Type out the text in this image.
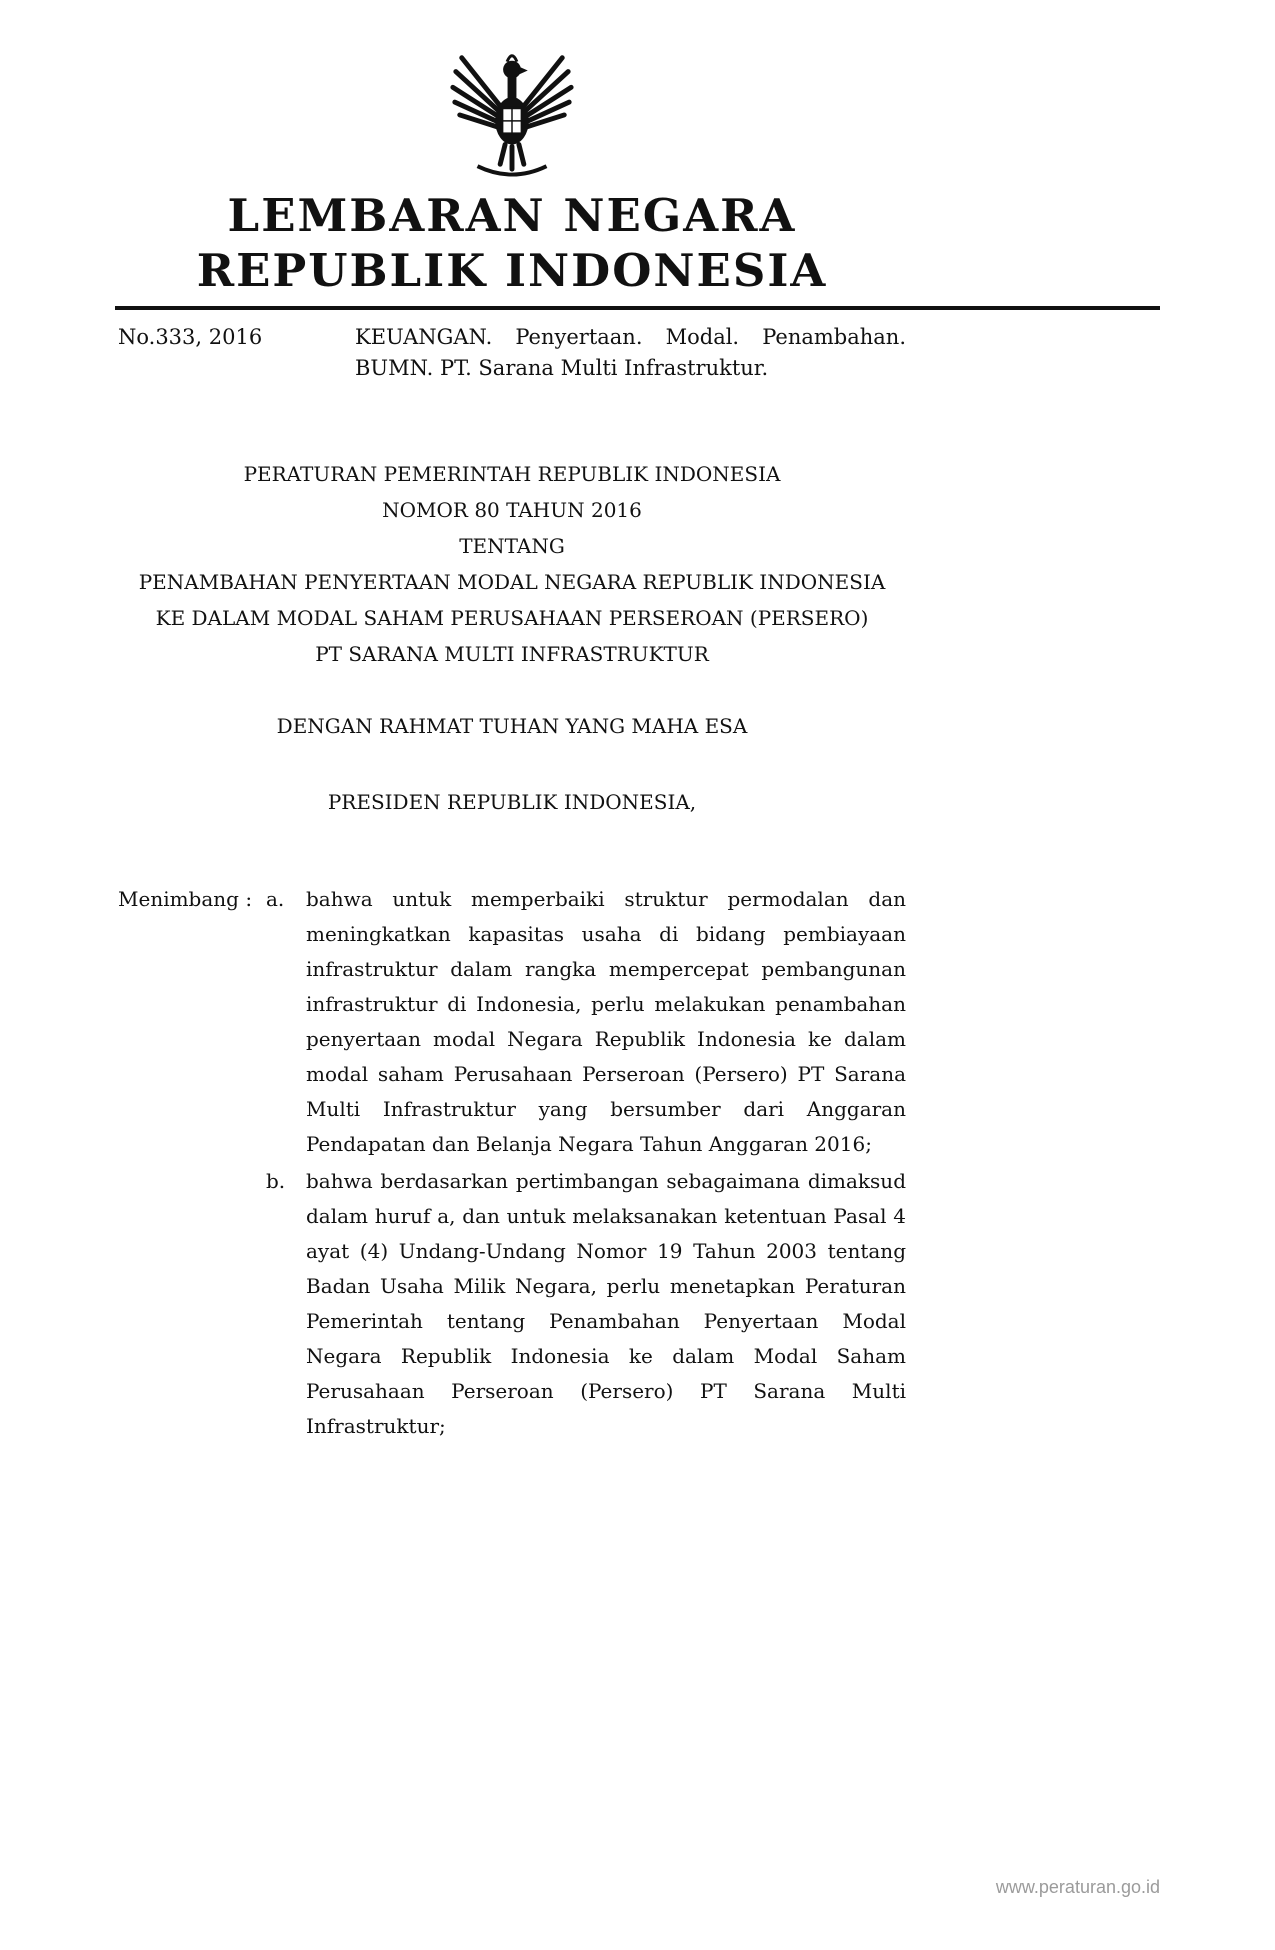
LEMBARAN NEGARA
REPUBLIK INDONESIA
No.333, 2016	KEUANGAN. Penyertaan. Modal. Penambahan. BUMN. PT. Sarana Multi Infrastruktur.

PERATURAN PEMERINTAH REPUBLIK INDONESIA

NOMOR 80 TAHUN 2016

TENTANG

PENAMBAHAN PENYERTAAN MODAL NEGARA REPUBLIK INDONESIA

KE DALAM MODAL SAHAM PERUSAHAAN PERSEROAN (PERSERO)

PT SARANA MULTI INFRASTRUKTUR

DENGAN RAHMAT TUHAN YANG MAHA ESA

PRESIDEN REPUBLIK INDONESIA,

Menimbang : a.	bahwa untuk memperbaiki struktur permodalan dan meningkatkan kapasitas usaha di bidang pembiayaan infrastruktur dalam rangka mempercepat pembangunan infrastruktur di Indonesia, perlu melakukan penambahan penyertaan modal Negara Republik Indonesia ke dalam modal saham Perusahaan Perseroan (Persero) PT Sarana Multi Infrastruktur yang bersumber dari Anggaran Pendapatan dan Belanja Negara Tahun Anggaran 2016;

b.	bahwa berdasarkan pertimbangan sebagaimana dimaksud dalam huruf a, dan untuk melaksanakan ketentuan Pasal 4 ayat (4) Undang-Undang Nomor 19 Tahun 2003 tentang Badan Usaha Milik Negara, perlu menetapkan Peraturan Pemerintah tentang Penambahan Penyertaan Modal Negara Republik Indonesia ke dalam Modal Saham Perusahaan Perseroan (Persero) PT Sarana Multi Infrastruktur;

www.peraturan.go.id
